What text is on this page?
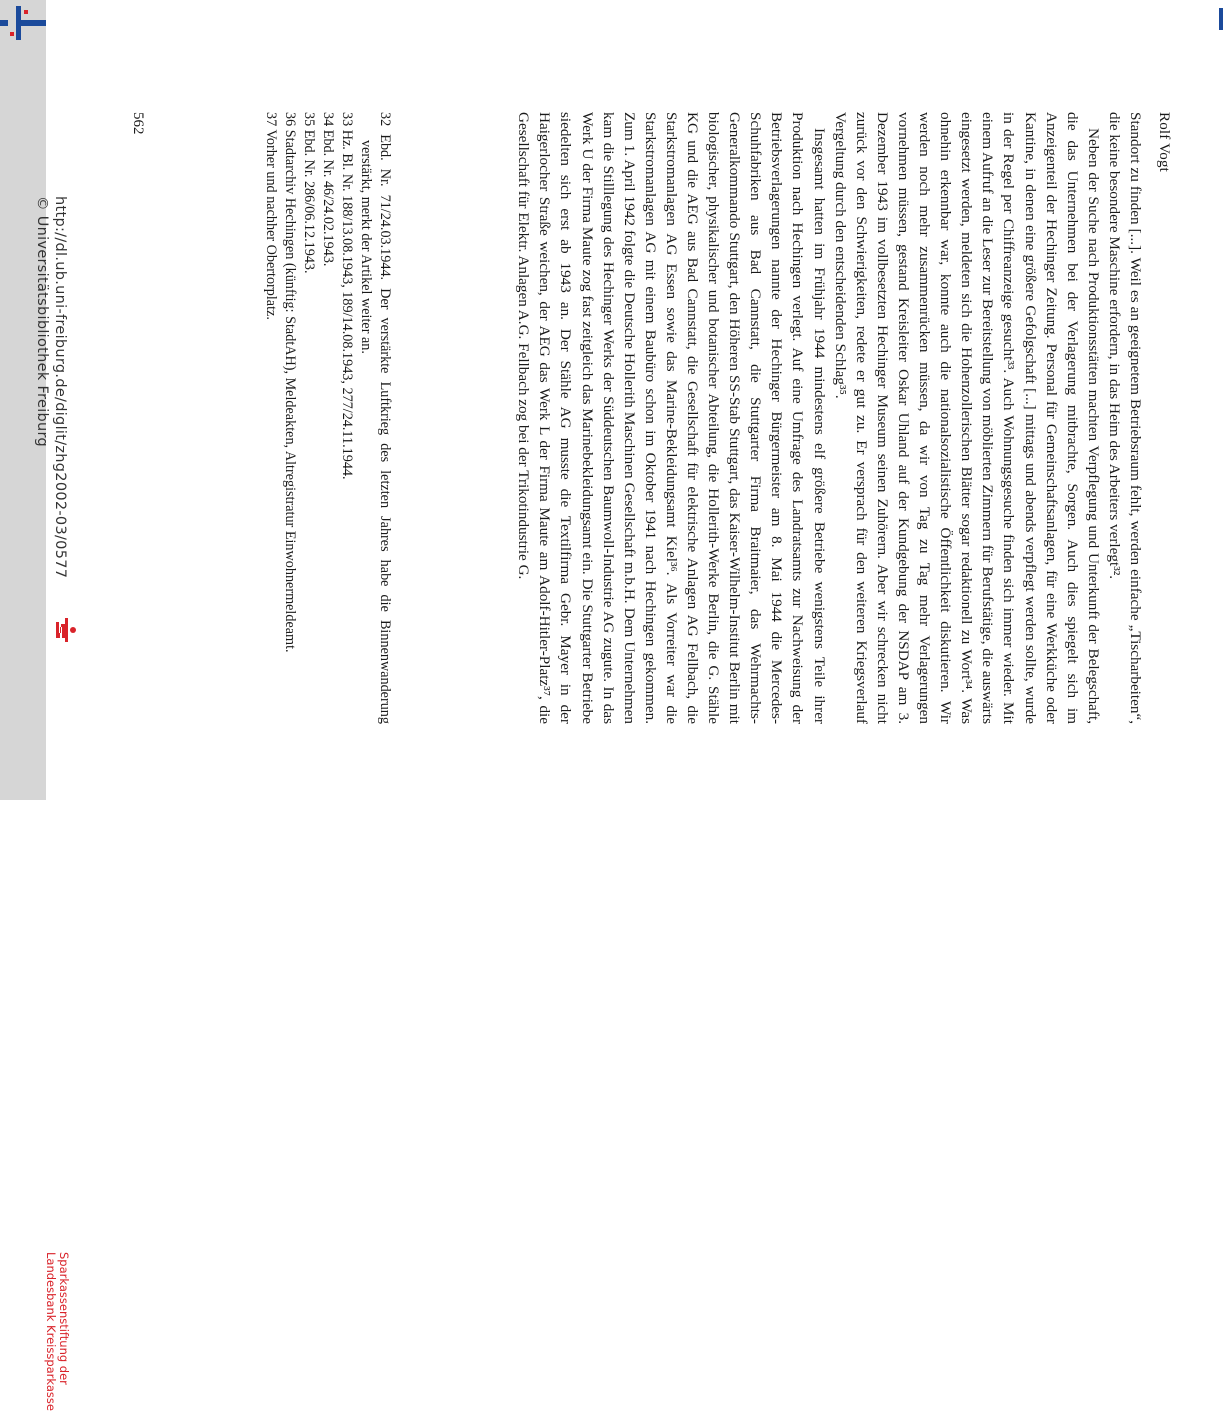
Rolf Vogt

Standort zu finden [...]. Weil es an geeignetem Betriebsraum fehlt, werden einfache „Tischarbeiten“, die keine besondere Maschine erfordern, in das Heim des Arbeiters verlegt³².

Neben der Suche nach Produktionsstätten machten Verpflegung und Unterkunft der Belegschaft, die das Unternehmen bei der Verlagerung mitbrachte, Sorgen. Auch dies spiegelt sich im Anzeigenteil der Hechinger Zeitung. Personal für Gemeinschaftsanlagen, für eine Werkküche oder Kantine, in denen eine größere Gefolgschaft [...] mittags und abends verpflegt werden sollte, wurde in der Regel per Chiffreanzeige gesucht³³. Auch Wohnungsgesuche finden sich immer wieder. Mit einem Aufruf an die Leser zur Bereitstellung von möblierten Zimmern für Berufstätige, die auswärts eingesetzt werden, meldeten sich die Hohenzollerischen Blätter sogar redaktionell zu Wort³⁴. Was ohnehin erkennbar war, konnte auch die nationalsozialistische Öffentlichkeit diskutieren. Wir werden noch mehr zusammenrücken müssen, da wir von Tag zu Tag mehr Verlagerungen vornehmen müssen, gestand Kreisleiter Oskar Uhland auf der Kundgebung der NSDAP am 3. Dezember 1943 im vollbesetzten Hechinger Museum seinen Zuhörern. Aber wir schrecken nicht zurück vor den Schwierigkeiten, redete er gut zu. Er versprach für den weiteren Kriegsverlauf Vergeltung durch den entscheidenden Schlag³⁵.

Insgesamt hatten im Frühjahr 1944 mindestens elf größere Betriebe wenigstens Teile ihrer Produktion nach Hechingen verlegt. Auf eine Umfrage des Landratsamts zur Nachweisung der Betriebsverlagerungen nannte der Hechinger Bürgermeister am 8. Mai 1944 die Mercedes-Schuhfabriken aus Bad Cannstatt, die Stuttgarter Firma Braitmaier, das Wehrmachts-Generalkommando Stuttgart, den Höheren SS-Stab Stuttgart, das Kaiser-Wilhelm-Institut Berlin mit biologischer, physikalischer und botanischer Abteilung, die Hollerith-Werke Berlin, die G. Stähle KG und die AEG aus Bad Cannstatt, die Gesellschaft für elektrische Anlagen AG Fellbach, die Starkstromanlagen AG Essen sowie das Marine-Bekleidungsamt Kiel³⁶. Als Vorreiter war die Starkstromanlagen AG mit einem Baubüro schon im Oktober 1941 nach Hechingen gekommen. Zum 1. April 1942 folgte die Deutsche Hollerith Maschinen Gesellschaft m.b.H. Dem Unternehmen kam die Stilllegung des Hechinger Werks der Süddeutschen Baumwoll-Industrie AG zugute. In das Werk U der Firma Maute zog fast zeitgleich das Marinebekleidungsamt ein. Die Stuttgarter Betriebe siedelten sich erst ab 1943 an. Der Stähle AG musste die Textilfirma Gebr. Mayer in der Haigerlocher Straße weichen, der AEG das Werk L der Firma Maute am Adolf-Hitler-Platz³⁷, die Gesellschaft für Elektr. Anlagen A.G. Fellbach zog bei der Trikotindustrie G.

32 Ebd. Nr. 71/24.03.1944. Der verstärkte Luftkrieg des letzten Jahres habe die Binnenwanderung verstärkt, merkt der Artikel weiter an.

33 Hz. Bl. Nr. 188/13.08.1943, 189/14.08.1943, 277/24.11.1944.

34 Ebd. Nr. 46/24.02.1943.

35 Ebd. Nr. 286/06.12.1943.

36 Stadtarchiv Hechingen (künftig: StadtAH), Meldeakten, Altregistratur Einwohnermeldeamt.

37 Vorher und nachher Obertorplatz.

562
http://dl.ub.uni-freiburg.de/diglit/zhg2002-03/0577
© Universitätsbibliothek Freiburg
Sparkassenstiftung der
Landesbank Kreissparkasse
